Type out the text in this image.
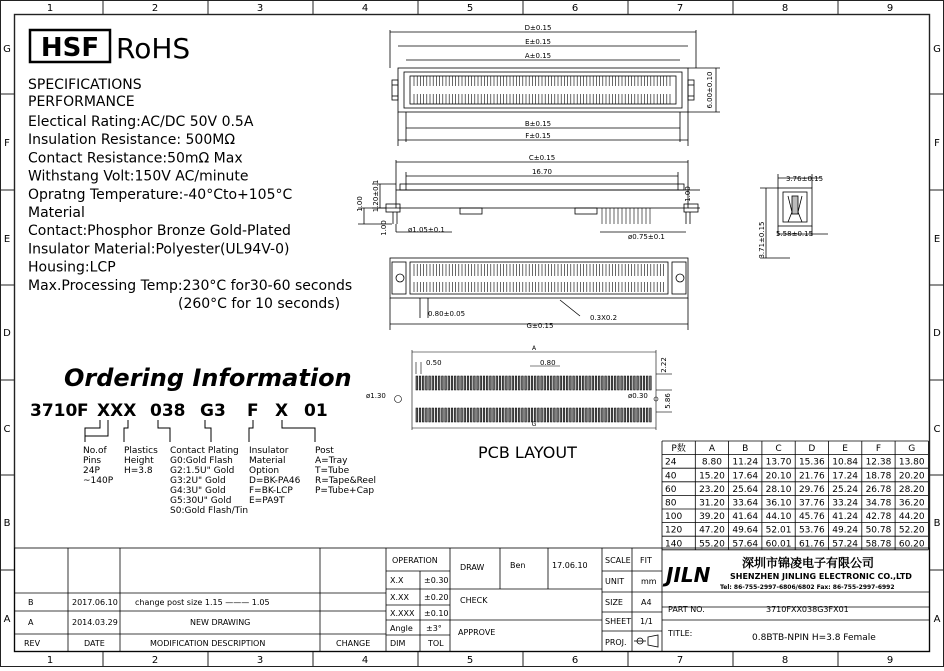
1
1
2
2
3
3
4
4
5
5
6
6
7
7
8
8
9
9
G	G
F	F
E	E
D	D
C	C
B	B
A	A
HSF RoHS
SPECIFICATIONS
PERFORMANCE
Electical Rating:AC/DC 50V 0.5A
Insulation Resistance: 500MΩ
Contact Resistance:50mΩ Max
Withstang Volt:150V AC/minute
Opratng Temperature:-40°Cto+105°C
Material
Contact:Phosphor Bronze Gold-Plated
Insulator Material:Polyester(UL94V-0)
Housing:LCP
Max.Processing Temp:230°C for30-60 seconds
(260°C for 10 seconds)
Ordering Information
3710 F XXX 038 G3 F X 01
No.of
Pins
24P
~140P
Plastics
Height
H=3.8
Contact Plating
G0:Gold Flash
G2:1.5U" Gold
G3:2U" Gold
G4:3U" Gold
G5:30U" Gold
S0:Gold Flash/Tin
Insulator
Material
Option
D=BK-PA46
F=BK-LCP
E=PA9T
Post
A=Tray
T=Tube
R=Tape&Reel
P=Tube+Cap
D±0.15
E±0.15
A±0.15
B±0.15
F±0.15
6.00±0.10
C±0.15
16.70
1.20±0.1
1.00
1.00
1.00
ø1.05±0.1
ø0.75±0.1
3.76±0.15
5.58±0.15
3.71±0.15
0.80±0.05	0.3X0.2
G±0.15
A
0.50	0.80	2.22
ø1.30	ø0.30 5.86
G
PCB LAYOUT	P数	A	B	C	D	E	F	G
24	8.80 11.24 13.70 15.36 10.84 12.38 13.80
40	15.20 17.64 20.10 21.76 17.24 18.78 20.20
60	23.20 25.64 28.10 29.76 25.24 26.78 28.20
80	31.20 33.64 36.10 37.76 33.24 34.78 36.20
100 39.20 41.64 44.10 45.76 41.24 42.78 44.20
120 47.20 49.64 52.01 53.76 49.24 50.78 52.20
140 55.20 57.64 60.01 61.76 57.24 58.78 60.20
B	2017.06.10 change post size 1.15 ——— 1.05
A	2014.03.29	NEW DRAWING
REV	DATE	MODIFICATION DESCRIPTION	CHANGE
OPERATION
X.X	±0.30
X.XX ±0.20
X.XXX ±0.10
Angle ±3°
DIM	TOL
DRAW	Ben	17.06.10
CHECK
APPROVE
SCALE FIT
UNIT mm
SIZE A4
SHEET 1/1
PROJ.
PART NO.	3710FXX038G3FX01
TITLE:	0.8BTB-NPIN H=3.8 Female
JILN	深圳市锦凌电子有限公司
SHENZHEN JINLING ELECTRONIC CO.,LTD
Tel: 86-755-2997-6806/6802 Fax: 86-755-2997-6992
